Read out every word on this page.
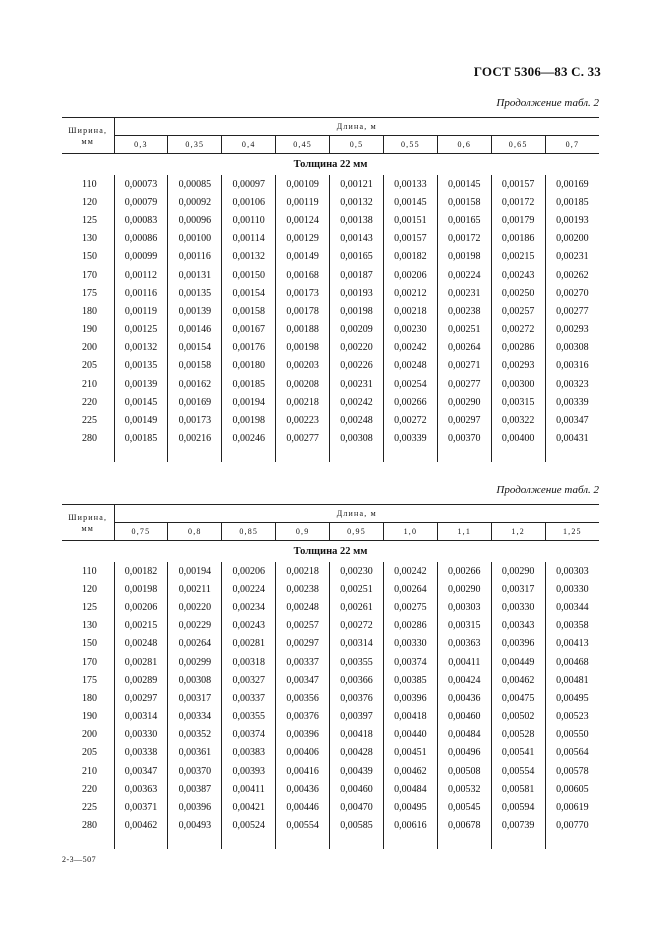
ГОСТ 5306—83 С. 33
Продолжение табл. 2
Ширина, мм	Длина, м								
	0,3	0,35	0,4	0,45	0,5	0,55	0,6	0,65	0,7
Толщина 22 мм									
110	0,00073	0,00085	0,00097	0,00109	0,00121	0,00133	0,00145	0,00157	0,00169
120	0,00079	0,00092	0,00106	0,00119	0,00132	0,00145	0,00158	0,00172	0,00185
125	0,00083	0,00096	0,00110	0,00124	0,00138	0,00151	0,00165	0,00179	0,00193
130	0,00086	0,00100	0,00114	0,00129	0,00143	0,00157	0,00172	0,00186	0,00200
150	0,00099	0,00116	0,00132	0,00149	0,00165	0,00182	0,00198	0,00215	0,00231
170	0,00112	0,00131	0,00150	0,00168	0,00187	0,00206	0,00224	0,00243	0,00262
175	0,00116	0,00135	0,00154	0,00173	0,00193	0,00212	0,00231	0,00250	0,00270
180	0,00119	0,00139	0,00158	0,00178	0,00198	0,00218	0,00238	0,00257	0,00277
190	0,00125	0,00146	0,00167	0,00188	0,00209	0,00230	0,00251	0,00272	0,00293
200	0,00132	0,00154	0,00176	0,00198	0,00220	0,00242	0,00264	0,00286	0,00308
205	0,00135	0,00158	0,00180	0,00203	0,00226	0,00248	0,00271	0,00293	0,00316
210	0,00139	0,00162	0,00185	0,00208	0,00231	0,00254	0,00277	0,00300	0,00323
220	0,00145	0,00169	0,00194	0,00218	0,00242	0,00266	0,00290	0,00315	0,00339
225	0,00149	0,00173	0,00198	0,00223	0,00248	0,00272	0,00297	0,00322	0,00347
280	0,00185	0,00216	0,00246	0,00277	0,00308	0,00339	0,00370	0,00400	0,00431

Продолжение табл. 2
Ширина, мм	Длина, м								
	0,75	0,8	0,85	0,9	0,95	1,0	1,1	1,2	1,25
Толщина 22 мм									
110	0,00182	0,00194	0,00206	0,00218	0,00230	0,00242	0,00266	0,00290	0,00303
120	0,00198	0,00211	0,00224	0,00238	0,00251	0,00264	0,00290	0,00317	0,00330
125	0,00206	0,00220	0,00234	0,00248	0,00261	0,00275	0,00303	0,00330	0,00344
130	0,00215	0,00229	0,00243	0,00257	0,00272	0,00286	0,00315	0,00343	0,00358
150	0,00248	0,00264	0,00281	0,00297	0,00314	0,00330	0,00363	0,00396	0,00413
170	0,00281	0,00299	0,00318	0,00337	0,00355	0,00374	0,00411	0,00449	0,00468
175	0,00289	0,00308	0,00327	0,00347	0,00366	0,00385	0,00424	0,00462	0,00481
180	0,00297	0,00317	0,00337	0,00356	0,00376	0,00396	0,00436	0,00475	0,00495
190	0,00314	0,00334	0,00355	0,00376	0,00397	0,00418	0,00460	0,00502	0,00523
200	0,00330	0,00352	0,00374	0,00396	0,00418	0,00440	0,00484	0,00528	0,00550
205	0,00338	0,00361	0,00383	0,00406	0,00428	0,00451	0,00496	0,00541	0,00564
210	0,00347	0,00370	0,00393	0,00416	0,00439	0,00462	0,00508	0,00554	0,00578
220	0,00363	0,00387	0,00411	0,00436	0,00460	0,00484	0,00532	0,00581	0,00605
225	0,00371	0,00396	0,00421	0,00446	0,00470	0,00495	0,00545	0,00594	0,00619
280	0,00462	0,00493	0,00524	0,00554	0,00585	0,00616	0,00678	0,00739	0,00770

2-3—507
